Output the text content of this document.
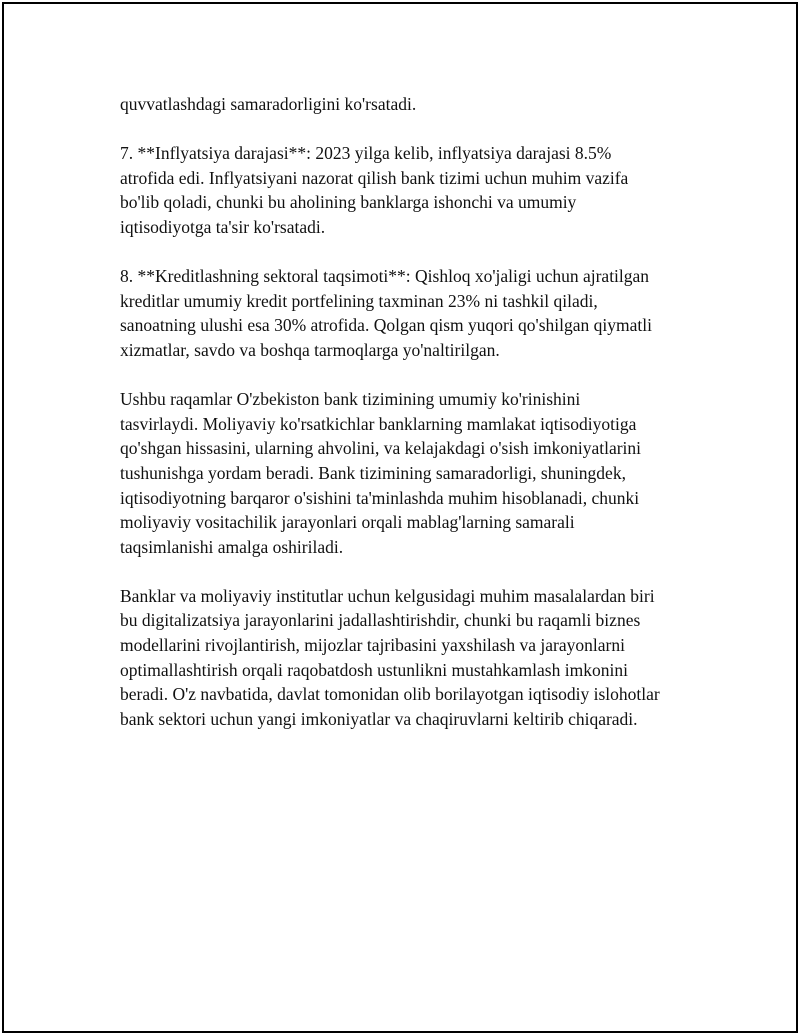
quvvatlashdagi samaradorligini ko'rsatadi.

7. **Inflyatsiya darajasi**: 2023 yilga kelib, inflyatsiya darajasi 8.5%
atrofida edi. Inflyatsiyani nazorat qilish bank tizimi uchun muhim vazifa
bo'lib qoladi, chunki bu aholining banklarga ishonchi va umumiy
iqtisodiyotga ta'sir ko'rsatadi.

8. **Kreditlashning sektoral taqsimoti**: Qishloq xo'jaligi uchun ajratilgan
kreditlar umumiy kredit portfelining taxminan 23% ni tashkil qiladi,
sanoatning ulushi esa 30% atrofida. Qolgan qism yuqori qo'shilgan qiymatli
xizmatlar, savdo va boshqa tarmoqlarga yo'naltirilgan.

Ushbu raqamlar O'zbekiston bank tizimining umumiy ko'rinishini
tasvirlaydi. Moliyaviy ko'rsatkichlar banklarning mamlakat iqtisodiyotiga
qo'shgan hissasini, ularning ahvolini, va kelajakdagi o'sish imkoniyatlarini
tushunishga yordam beradi. Bank tizimining samaradorligi, shuningdek,
iqtisodiyotning barqaror o'sishini ta'minlashda muhim hisoblanadi, chunki
moliyaviy vositachilik jarayonlari orqali mablag'larning samarali
taqsimlanishi amalga oshiriladi.

Banklar va moliyaviy institutlar uchun kelgusidagi muhim masalalardan biri
bu digitalizatsiya jarayonlarini jadallashtirishdir, chunki bu raqamli biznes
modellarini rivojlantirish, mijozlar tajribasini yaxshilash va jarayonlarni
optimallashtirish orqali raqobatdosh ustunlikni mustahkamlash imkonini
beradi. O'z navbatida, davlat tomonidan olib borilayotgan iqtisodiy islohotlar
bank sektori uchun yangi imkoniyatlar va chaqiruvlarni keltirib chiqaradi.
